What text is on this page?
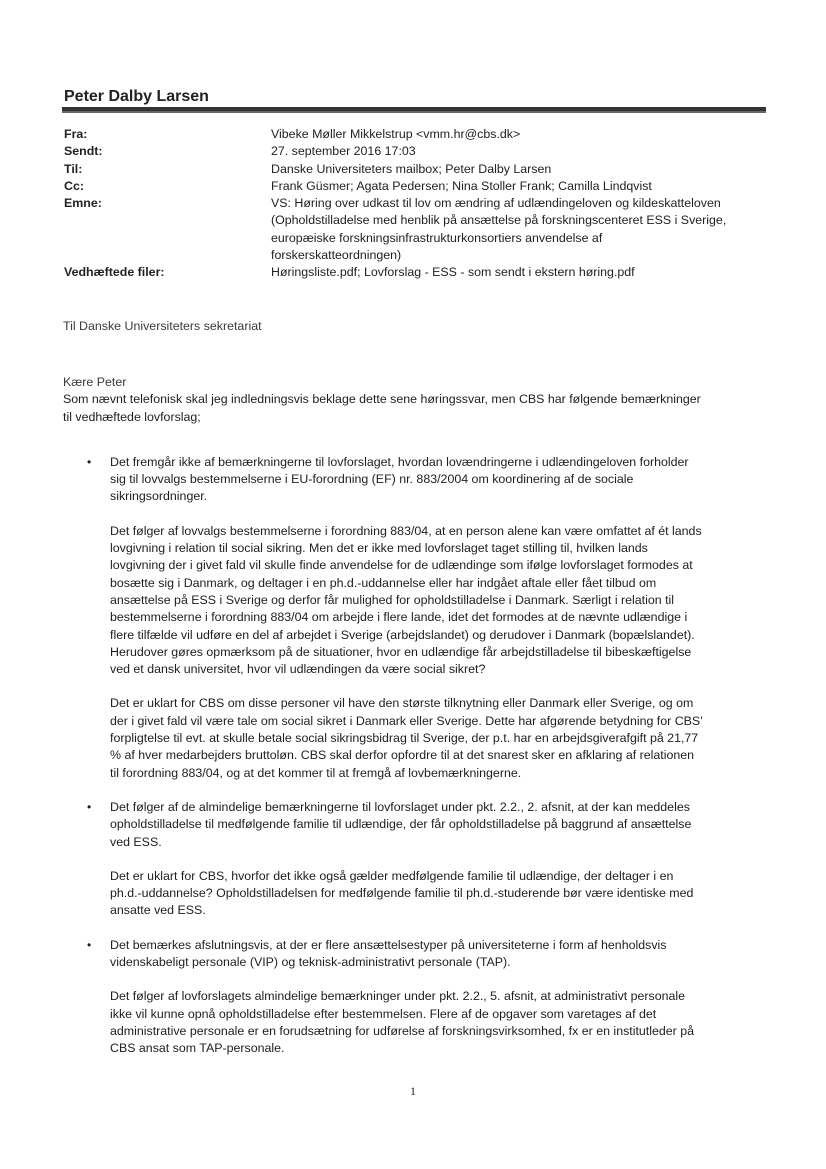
Peter Dalby Larsen
Fra:	Vibeke Møller Mikkelstrup <vmm.hr@cbs.dk>
Sendt:	27. september 2016 17:03
Til:	Danske Universiteters mailbox; Peter Dalby Larsen
Cc:	Frank Güsmer; Agata Pedersen; Nina Stoller Frank; Camilla Lindqvist
Emne:	VS: Høring over udkast til lov om ændring af udlændingeloven og kildeskatteloven
(Opholdstilladelse med henblik på ansættelse på forskningscenteret ESS i Sverige,
europæiske forskningsinfrastrukturkonsortiers anvendelse af
forskerskatteordningen)
Vedhæftede filer:	Høringsliste.pdf; Lovforslag - ESS - som sendt i ekstern høring.pdf
Til Danske Universiteters sekretariat
Kære Peter
Som nævnt telefonisk skal jeg indledningsvis beklage dette sene høringssvar, men CBS har følgende bemærkninger
til vedhæftede lovforslag;
• Det fremgår ikke af bemærkningerne til lovforslaget, hvordan lovændringerne i udlændingeloven forholder
sig til lovvalgs bestemmelserne i EU-forordning (EF) nr. 883/2004 om koordinering af de sociale
sikringsordninger.
Det følger af lovvalgs bestemmelserne i forordning 883/04, at en person alene kan være omfattet af ét lands
lovgivning i relation til social sikring. Men det er ikke med lovforslaget taget stilling til, hvilken lands
lovgivning der i givet fald vil skulle finde anvendelse for de udlændinge som ifølge lovforslaget formodes at
bosætte sig i Danmark, og deltager i en ph.d.-uddannelse eller har indgået aftale eller fået tilbud om
ansættelse på ESS i Sverige og derfor får mulighed for opholdstilladelse i Danmark. Særligt i relation til
bestemmelserne i forordning 883/04 om arbejde i flere lande, idet det formodes at de nævnte udlændige i
flere tilfælde vil udføre en del af arbejdet i Sverige (arbejdslandet) og derudover i Danmark (bopælslandet).
Herudover gøres opmærksom på de situationer, hvor en udlændige får arbejdstilladelse til bibeskæftigelse
ved et dansk universitet, hvor vil udlændingen da være social sikret?
Det er uklart for CBS om disse personer vil have den største tilknytning eller Danmark eller Sverige, og om
der i givet fald vil være tale om social sikret i Danmark eller Sverige. Dette har afgørende betydning for CBS'
forpligtelse til evt. at skulle betale social sikringsbidrag til Sverige, der p.t. har en arbejdsgiverafgift på 21,77
% af hver medarbejders bruttoløn. CBS skal derfor opfordre til at det snarest sker en afklaring af relationen
til forordning 883/04, og at det kommer til at fremgå af lovbemærkningerne.
• Det følger af de almindelige bemærkningerne til lovforslaget under pkt. 2.2., 2. afsnit, at der kan meddeles
opholdstilladelse til medfølgende familie til udlændige, der får opholdstilladelse på baggrund af ansættelse
ved ESS.
Det er uklart for CBS, hvorfor det ikke også gælder medfølgende familie til udlændige, der deltager i en
ph.d.-uddannelse? Opholdstilladelsen for medfølgende familie til ph.d.-studerende bør være identiske med
ansatte ved ESS.
• Det bemærkes afslutningsvis, at der er flere ansættelsestyper på universiteterne i form af henholdsvis
videnskabeligt personale (VIP) og teknisk-administrativt personale (TAP).
Det følger af lovforslagets almindelige bemærkninger under pkt. 2.2., 5. afsnit, at administrativt personale
ikke vil kunne opnå opholdstilladelse efter bestemmelsen. Flere af de opgaver som varetages af det
administrative personale er en forudsætning for udførelse af forskningsvirksomhed, fx er en institutleder på
CBS ansat som TAP-personale.
1
